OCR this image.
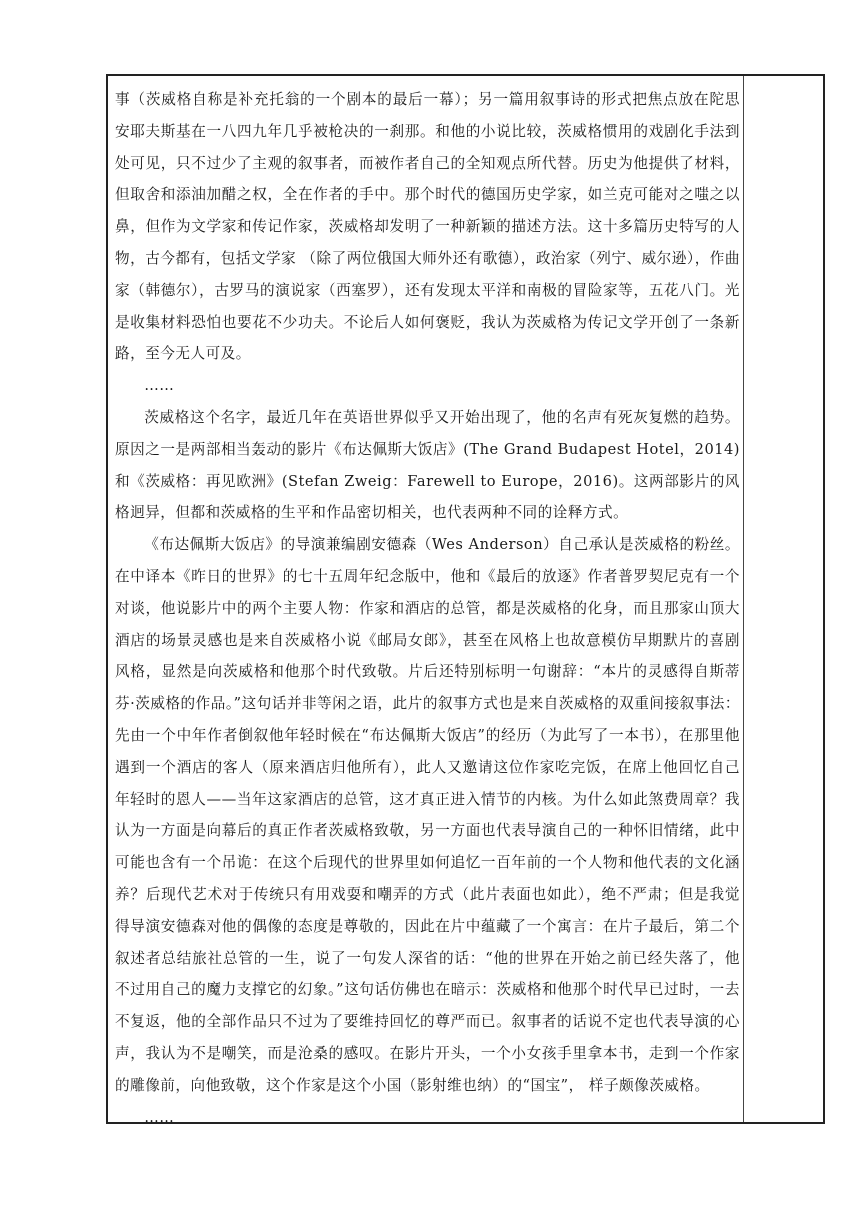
事（茨威格自称是补充托翁的一个剧本的最后一幕）；另一篇用叙事诗的形式把焦点放在陀思安耶夫斯基在一八四九年几乎被枪决的一刹那。和他的小说比较，茨威格惯用的戏剧化手法到处可见，只不过少了主观的叙事者，而被作者自己的全知观点所代替。历史为他提供了材料，但取舍和添油加醋之权，全在作者的手中。那个时代的德国历史学家，如兰克可能对之嗤之以鼻，但作为文学家和传记作家，茨威格却发明了一种新颖的描述方法。这十多篇历史特写的人物，古今都有，包括文学家 （除了两位俄国大师外还有歌德），政治家（列宁、威尔逊），作曲家（韩德尔），古罗马的演说家（西塞罗），还有发现太平洋和南极的冒险家等，五花八门。光是收集材料恐怕也要花不少功夫。不论后人如何褒贬，我认为茨威格为传记文学开创了一条新路，至今无人可及。

……

茨威格这个名字，最近几年在英语世界似乎又开始出现了，他的名声有死灰复燃的趋势。原因之一是两部相当轰动的影片《布达佩斯大饭店》(The Grand Budapest Hotel，2014)和《茨威格：再见欧洲》(Stefan Zweig：Farewell to Europe，2016)。这两部影片的风格迥异，但都和茨威格的生平和作品密切相关，也代表两种不同的诠释方式。

《布达佩斯大饭店》的导演兼编剧安德森（Wes Anderson）自己承认是茨威格的粉丝。在中译本《昨日的世界》的七十五周年纪念版中，他和《最后的放逐》作者普罗契尼克有一个对谈，他说影片中的两个主要人物：作家和酒店的总管，都是茨威格的化身，而且那家山顶大酒店的场景灵感也是来自茨威格小说《邮局女郎》，甚至在风格上也故意模仿早期默片的喜剧风格，显然是向茨威格和他那个时代致敬。片后还特别标明一句谢辞：“本片的灵感得自斯蒂芬·茨威格的作品。”这句话并非等闲之语，此片的叙事方式也是来自茨威格的双重间接叙事法：先由一个中年作者倒叙他年轻时候在“布达佩斯大饭店”的经历（为此写了一本书），在那里他遇到一个酒店的客人（原来酒店归他所有），此人又邀请这位作家吃完饭，在席上他回忆自己年轻时的恩人——当年这家酒店的总管，这才真正进入情节的内核。为什么如此煞费周章？我认为一方面是向幕后的真正作者茨威格致敬，另一方面也代表导演自己的一种怀旧情绪，此中可能也含有一个吊诡：在这个后现代的世界里如何追忆一百年前的一个人物和他代表的文化涵养？后现代艺术对于传统只有用戏耍和嘲弄的方式（此片表面也如此），绝不严肃；但是我觉得导演安德森对他的偶像的态度是尊敬的，因此在片中蕴藏了一个寓言：在片子最后，第二个叙述者总结旅社总管的一生，说了一句发人深省的话：“他的世界在开始之前已经失落了，他不过用自己的魔力支撑它的幻象。”这句话仿佛也在暗示：茨威格和他那个时代早已过时，一去不复返，他的全部作品只不过为了要维持回忆的尊严而已。叙事者的话说不定也代表导演的心声，我认为不是嘲笑，而是沧桑的感叹。在影片开头，一个小女孩手里拿本书，走到一个作家的雕像前，向他致敬，这个作家是这个小国（影射维也纳）的“国宝”， 样子颇像茨威格。

……
